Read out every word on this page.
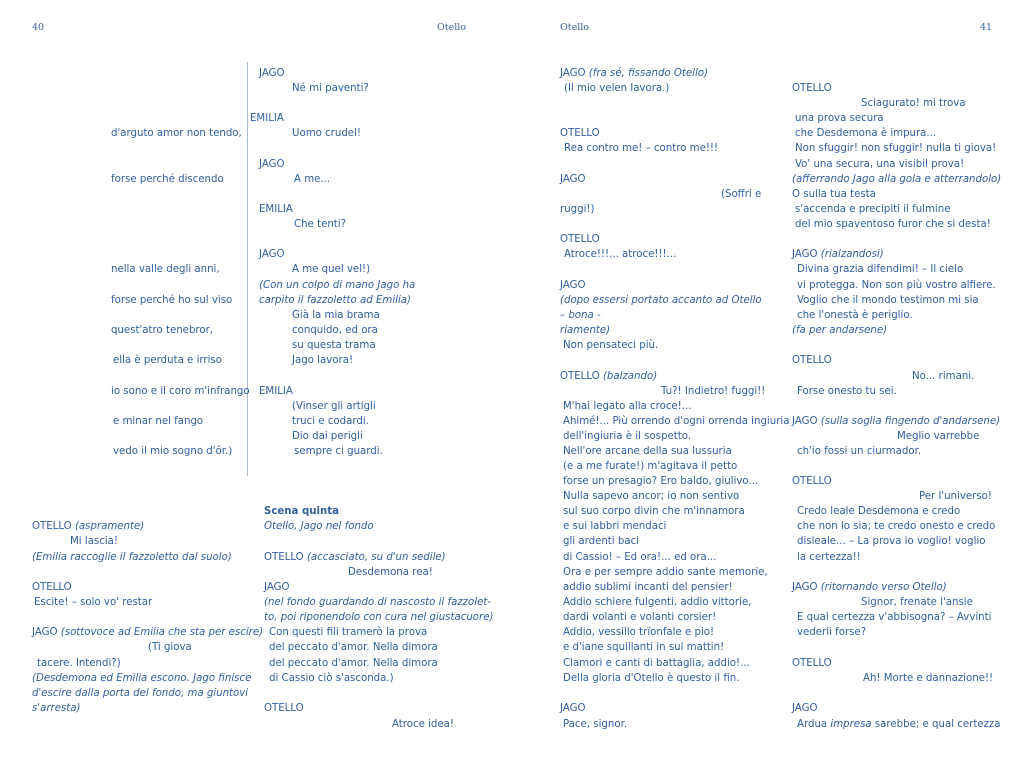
40	Otello	Otello	41
d'arguto amor non tendo,
forse perché discendo
nella valle degli anni,
forse perché ho sul viso
quest'atro tenebror,
ella è perduta e irriso
io sono e il coro m'infrango
e minar nel fango
vedo il mio sogno d'ŏr.)
JAGO
Né mi paventi?
EMILIA
Uomo crudel!
JAGO
A me...
EMILIA
Che tenti?
JAGO
A me quel vel!)
(Con un colpo di mano Jago ha
carpito il fazzoletto ad Emilia)
Già la mia brama
conquido, ed ora
su questa trama
Jago lavora!
EMILIA
(Vinser gli artigli
truci e codardi.
Dio dai perigli
sempre ci guardi.
OTELLO (aspramente)
Mi lascia!
(Emilia raccoglie il fazzoletto dal suolo)
OTELLO
Escite! – solo vo' restar
JAGO (sottovoce ad Emilia che sta per escire)
(Ti giova
tacere. Intendi?)
(Desdemona ed Emilia escono. Jago finisce
d'escire dalla porta del fondo, ma giuntovi
s'arresta)
Scena quinta
Otello, Jago nel fondo
OTELLO (accasciato, su d'un sedile)
Desdemona rea!
JAGO
(nel fondo guardando di nascosto il fazzolet-
to, poi riponendolo con cura nel giustacuore)
Con questi fili tramerò la prova
del peccato d'amor. Nella dimora
del peccato d'amor. Nella dimora
di Cassio ciò s'asconda.)
OTELLO
Atroce idea!
JAGO (fra sé, fissando Otello)
(Il mio velen lavora.)
OTELLO
Rea contro me! – contro me!!!
JAGO
(Soffri e
ruggi!)
OTELLO
Atroce!!!... atroce!!!...
JAGO
(dopo essersi portato accanto ad Otello
– bona -
riamente)
Non pensateci più.
OTELLO (balzando)
Tu?! Indietro! fuggi!!
M'hai legato alla croce!...
Ahimé!... Più orrendo d'ogni orrenda ingiuria
dell'ingiuria è il sospetto.
Nell'ore arcane della sua lussuria
(e a me furate!) m'agitava il petto
forse un presagio? Ero baldo, giulivo...
Nulla sapevo ancor; io non sentivo
sul suo corpo divin che m'innamora
e sui labbri mendaci
gli ardenti baci
di Cassio! – Ed ora!... ed ora...
Ora e per sempre addio sante memorie,
addio sublimi incanti del pensier!
Addio schiere fulgenti, addio vittorie,
dardi volanti e volanti corsier!
Addio, vessillo trïonfale e pio!
e d'iane squillanti in sul mattin!
Clamori e canti di battaglia, addio!...
Della gloria d'Otello è questo il fin.
JAGO
Pace, signor.
OTELLO
Sciagurato! mi trova
una prova secura
che Desdemona è impura...
Non sfuggir! non sfuggir! nulla ti giova!
Vo' una secura, una visibil prova!
(afferrando Jago alla gola e atterrandolo)
O sulla tua testa
s'accenda e precipiti il fulmine
del mio spaventoso furor che si desta!
JAGO (rialzandosi)
Divina grazia difendimi! – Il cielo
vi protegga. Non son più vostro alfiere.
Voglio che il mondo testimon mi sia
che l'onestà è periglio.
(fa per andarsene)
OTELLO
No... rimani.
Forse onesto tu sei.
JAGO (sulla soglia fingendo d'andarsene)
Meglio varrebbe
ch'io fossi un ciurmador.
OTELLO
Per l'universo!
Credo leale Desdemona e credo
che non lo sia; te credo onesto e credo
disleale... – La prova io voglio! voglio
la certezza!!
JAGO (ritornando verso Otello)
Signor, frenate l'ansie
E qual certezza v'abbisogna? – Avvinti
vederli forse?
OTELLO
Ah! Morte e dannazione!!
JAGO
Ardua impresa sarebbe; e qual certezza
